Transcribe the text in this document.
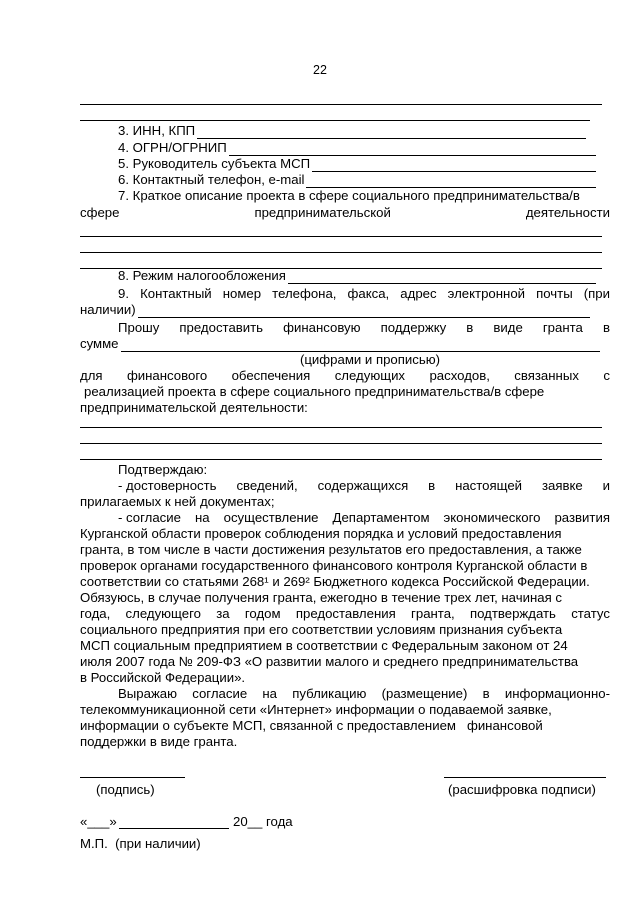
22
3. ИНН, КПП
4. ОГРН/ОГРНИП
5. Руководитель субъекта МСП
6. Контактный телефон, e-mail
7. Краткое описание проекта в сфере социального предпринимательства/в
сфере	предпринимательской	деятельности
8. Режим налогообложения
9. Контактный номер телефона, факса, адрес электронной почты (при
наличии)
Прошу предоставить финансовую поддержку в виде гранта в
сумме
(цифрами и прописью)
для финансового обеспечения следующих расходов, связанных с
реализацией проекта в сфере социального предпринимательства/в сфере
предпринимательской деятельности:
Подтверждаю:
- достоверность сведений, содержащихся в настоящей заявке и
прилагаемых к ней документах;
- согласие на осуществление Департаментом экономического развития
Курганской области проверок соблюдения порядка и условий предоставления
гранта, в том числе в части достижения результатов его предоставления, а также
проверок органами государственного финансового контроля Курганской области в
соответствии со статьями 268¹ и 269² Бюджетного кодекса Российской Федерации.
Обязуюсь, в случае получения гранта, ежегодно в течение трех лет, начиная с
года, следующего за годом предоставления гранта, подтверждать статус
социального предприятия при его соответствии условиям признания субъекта
МСП социальным предприятием в соответствии с Федеральным законом от 24
июля 2007 года № 209-ФЗ «О развитии малого и среднего предпринимательства
в Российской Федерации».
Выражаю согласие на публикацию (размещение) в информационно-
телекоммуникационной сети «Интернет» информации о подаваемой заявке,
информации о субъекте МСП, связанной с предоставлением   финансовой
поддержки в виде гранта.
(подпись)	(расшифровка подписи)
«___»	20__ года
М.П.  (при наличии)
